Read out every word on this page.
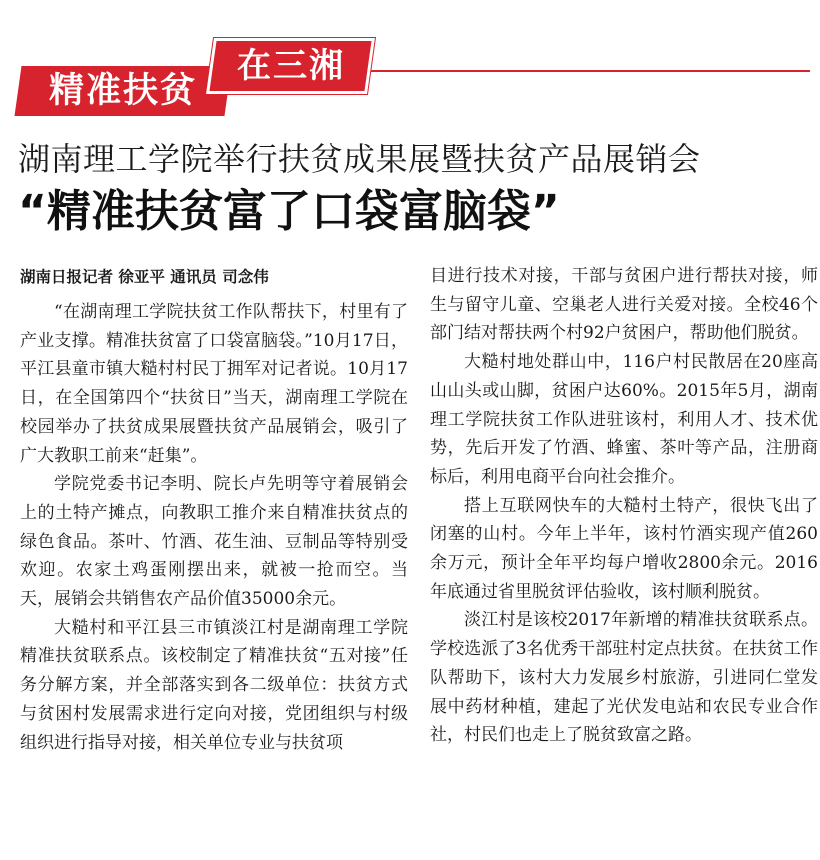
精准扶贫
在三湘
湖南理工学院举行扶贫成果展暨扶贫产品展销会
“精准扶贫富了口袋富脑袋”
湖南日报记者 徐亚平 通讯员 司念伟

“在湖南理工学院扶贫工作队帮扶下，村里有了产业支撑。精准扶贫富了口袋富脑袋。”10月17日，平江县童市镇大糙村村民丁拥军对记者说。10月17日，在全国第四个“扶贫日”当天，湖南理工学院在校园举办了扶贫成果展暨扶贫产品展销会，吸引了广大教职工前来“赶集”。

学院党委书记李明、院长卢先明等守着展销会上的土特产摊点，向教职工推介来自精准扶贫点的绿色食品。茶叶、竹酒、花生油、豆制品等特别受欢迎。农家土鸡蛋刚摆出来，就被一抢而空。当天，展销会共销售农产品价值35000余元。

大糙村和平江县三市镇淡江村是湖南理工学院精准扶贫联系点。该校制定了精准扶贫“五对接”任务分解方案，并全部落实到各二级单位：扶贫方式与贫困村发展需求进行定向对接，党团组织与村级组织进行指导对接，相关单位专业与扶贫项

目进行技术对接，干部与贫困户进行帮扶对接，师生与留守儿童、空巢老人进行关爱对接。全校46个部门结对帮扶两个村92户贫困户，帮助他们脱贫。

大糙村地处群山中，116户村民散居在20座高山山头或山脚，贫困户达60%。2015年5月，湖南理工学院扶贫工作队进驻该村，利用人才、技术优势，先后开发了竹酒、蜂蜜、茶叶等产品，注册商标后，利用电商平台向社会推介。

搭上互联网快车的大糙村土特产，很快飞出了闭塞的山村。今年上半年，该村竹酒实现产值260余万元，预计全年平均每户增收2800余元。2016年底通过省里脱贫评估验收，该村顺利脱贫。

淡江村是该校2017年新增的精准扶贫联系点。学校选派了3名优秀干部驻村定点扶贫。在扶贫工作队帮助下，该村大力发展乡村旅游，引进同仁堂发展中药材种植，建起了光伏发电站和农民专业合作社，村民们也走上了脱贫致富之路。
